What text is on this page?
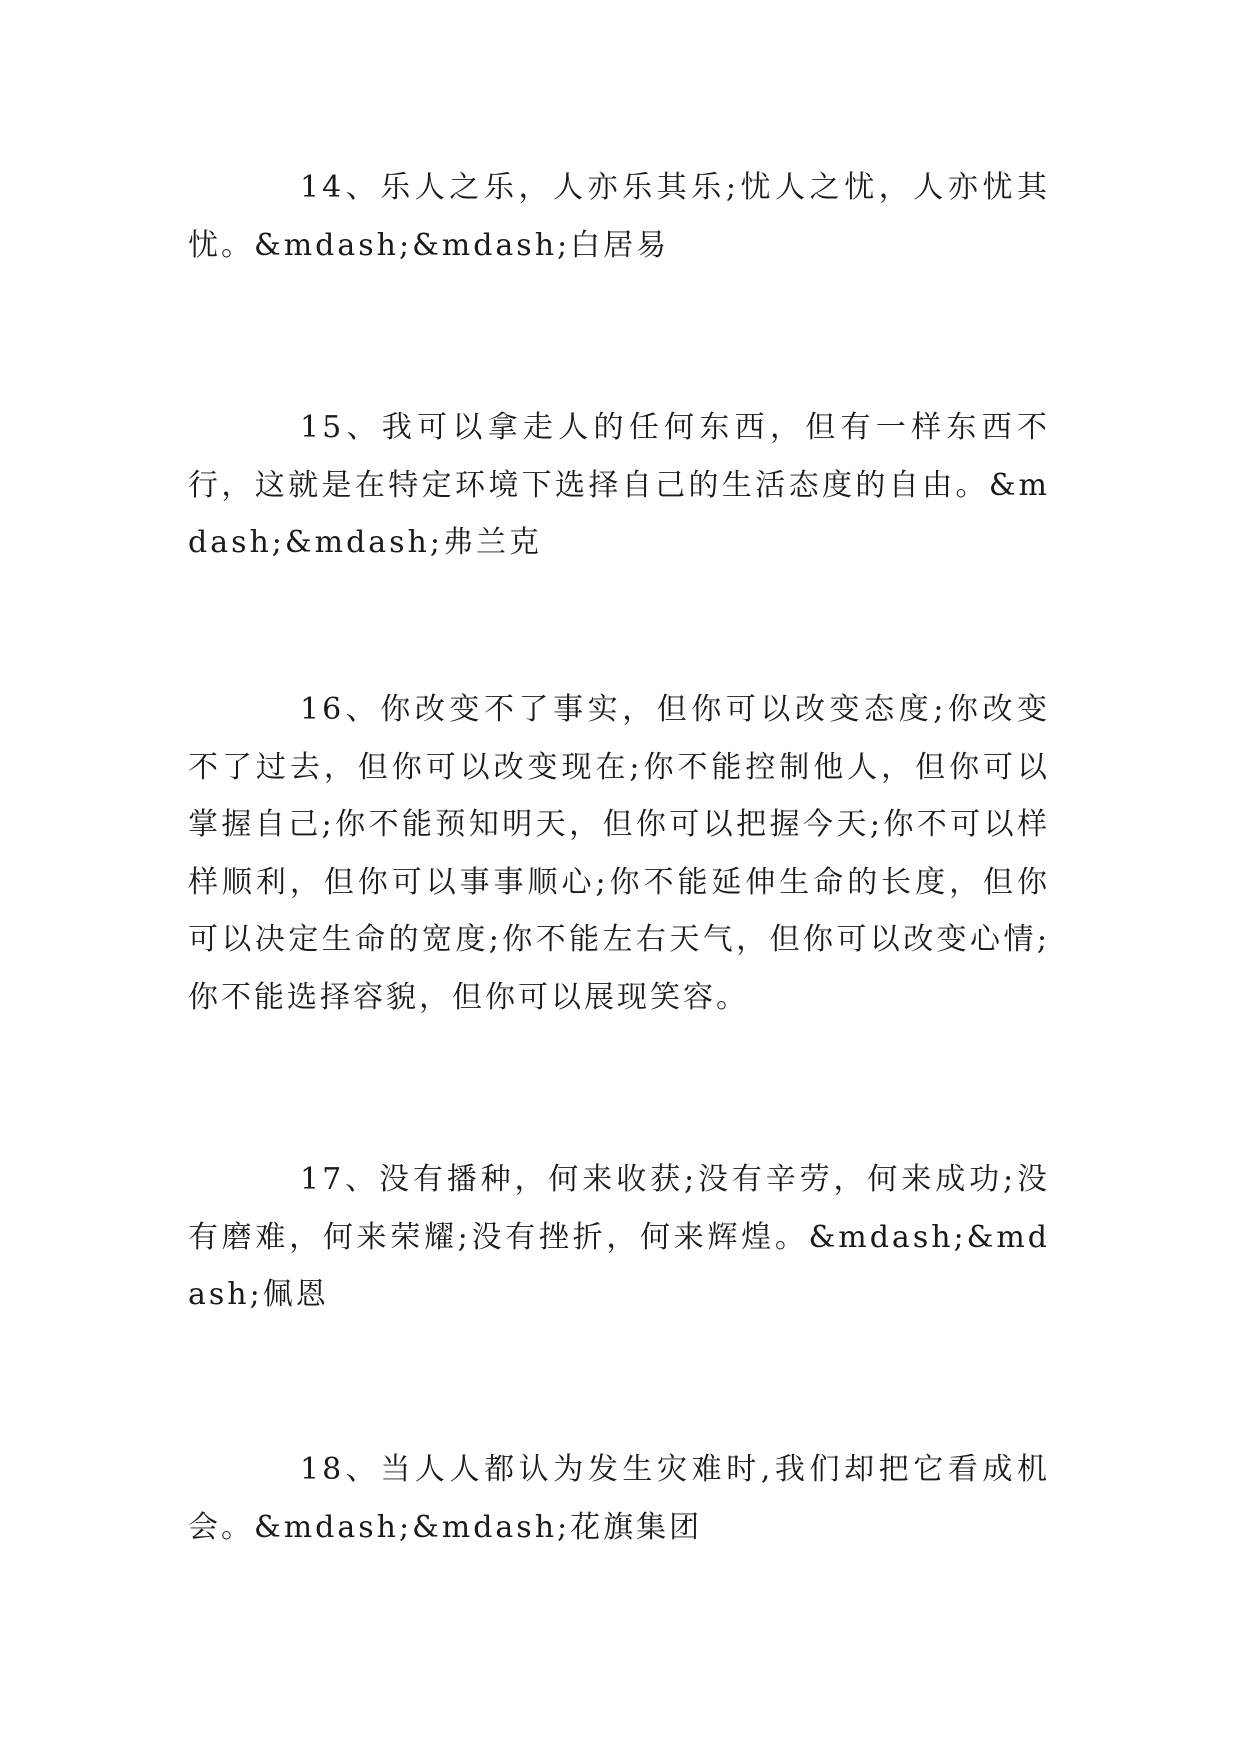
14、乐人之乐，人亦乐其乐;忧人之忧，人亦忧其忧。&mdash;&mdash;白居易

15、我可以拿走人的任何东西，但有一样东西不行，这就是在特定环境下选择自己的生活态度的自由。&mdash;&mdash;弗兰克

16、你改变不了事实，但你可以改变态度;你改变不了过去，但你可以改变现在;你不能控制他人，但你可以掌握自己;你不能预知明天，但你可以把握今天;你不可以样样顺利，但你可以事事顺心;你不能延伸生命的长度，但你可以决定生命的宽度;你不能左右天气，但你可以改变心情;你不能选择容貌，但你可以展现笑容。

17、没有播种，何来收获;没有辛劳，何来成功;没有磨难，何来荣耀;没有挫折，何来辉煌。&mdash;&mdash;佩恩

18、当人人都认为发生灾难时,我们却把它看成机会。&mdash;&mdash;花旗集团
